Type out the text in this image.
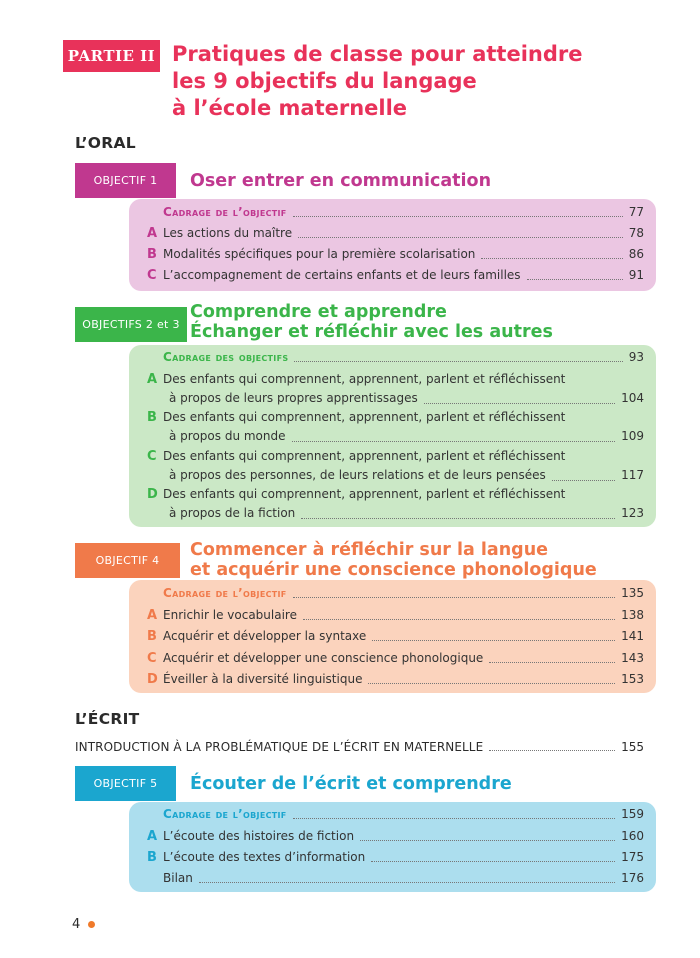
PARTIE II Pratiques de classe pour atteindre
les 9 objectifs du langage
à l’école maternelle
L’ORAL
Cadrage de l’objectif	77
A Les actions du maître	78
B Modalités spécifiques pour la première scolarisation	86
C L’accompagnement de certains enfants et de leurs familles	91
OBJECTIF 1	Oser entrer en communication
Cadrage des objectifs	93
A Des enfants qui comprennent, apprennent, parlent et réfléchissent
à propos de leurs propres apprentissages	104
B Des enfants qui comprennent, apprennent, parlent et réfléchissent
à propos du monde	109
C Des enfants qui comprennent, apprennent, parlent et réfléchissent
à propos des personnes, de leurs relations et de leurs pensées	117
D Des enfants qui comprennent, apprennent, parlent et réfléchissent
à propos de la fiction	123
OBJECTIFS 2 et 3
Comprendre et apprendre
Échanger et réfléchir avec les autres
Cadrage de l’objectif	135
A Enrichir le vocabulaire	138
B Acquérir et développer la syntaxe	141
C Acquérir et développer une conscience phonologique	143
D Éveiller à la diversité linguistique	153
OBJECTIF 4
Commencer à réfléchir sur la langue
et acquérir une conscience phonologique
L’ÉCRIT
INTRODUCTION À LA PROBLÉMATIQUE DE L’ÉCRIT EN MATERNELLE	155
Cadrage de l’objectif	159
A L’écoute des histoires de fiction	160
B L’écoute des textes d’information	175
Bilan	176
OBJECTIF 5	Écouter de l’écrit et comprendre
4
